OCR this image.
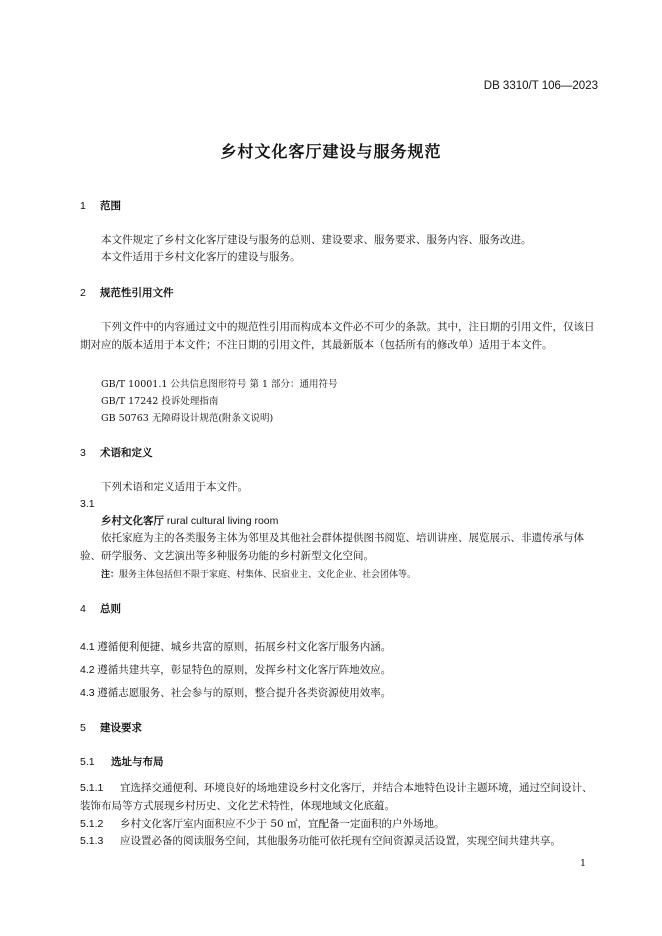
DB 3310/T 106—2023
乡村文化客厅建设与服务规范
1 范围
本文件规定了乡村文化客厅建设与服务的总则、建设要求、服务要求、服务内容、服务改进。
本文件适用于乡村文化客厅的建设与服务。
2 规范性引用文件
下列文件中的内容通过文中的规范性引用而构成本文件必不可少的条款。其中，注日期的引用文件，仅该日期对应的版本适用于本文件；不注日期的引用文件，其最新版本（包括所有的修改单）适用于本文件。
GB/T 10001.1 公共信息图形符号 第 1 部分：通用符号
GB/T 17242 投诉处理指南
GB 50763 无障碍设计规范(附条文说明)
3 术语和定义
下列术语和定义适用于本文件。
3.1
乡村文化客厅 rural cultural living room
依托家庭为主的各类服务主体为邻里及其他社会群体提供图书阅览、培训讲座、展览展示、非遗传承与体验、研学服务、文艺演出等多种服务功能的乡村新型文化空间。
注：服务主体包括但不限于家庭、村集体、民宿业主、文化企业、社会团体等。
4 总则
4.1 遵循便利便捷、城乡共富的原则，拓展乡村文化客厅服务内涵。
4.2 遵循共建共享，彰显特色的原则，发挥乡村文化客厅阵地效应。
4.3 遵循志愿服务、社会参与的原则，整合提升各类资源使用效率。
5 建设要求
5.1 选址与布局
5.1.1	宜选择交通便利、环境良好的场地建设乡村文化客厅，并结合本地特色设计主题环境，通过空间设计、装饰布局等方式展现乡村历史、文化艺术特性，体现地域文化底蕴。
5.1.2 乡村文化客厅室内面积应不少于 50 ㎡，宜配备一定面积的户外场地。
5.1.3 应设置必备的阅读服务空间，其他服务功能可依托现有空间资源灵活设置，实现空间共建共享。
1
